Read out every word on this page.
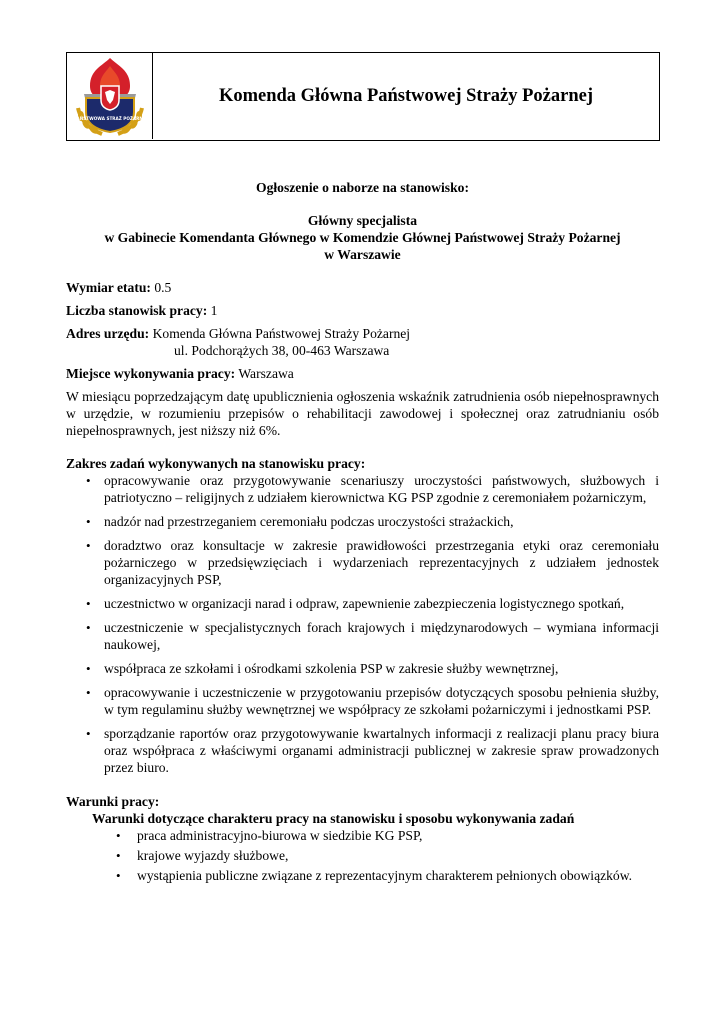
PAŃSTWOWA STRAŻ POŻARNA
Komenda Główna Państwowej Straży Pożarnej

Ogłoszenie o naborze na stanowisko:

Główny specjalista

w Gabinecie Komendanta Głównego w Komendzie Głównej Państwowej Straży Pożarnej

w Warszawie

Wymiar etatu: 0.5

Liczba stanowisk pracy: 1

Adres urzędu: Komenda Główna Państwowej Straży Pożarnej

ul. Podchorążych 38, 00-463 Warszawa

Miejsce wykonywania pracy: Warszawa

W miesiącu poprzedzającym datę upublicznienia ogłoszenia wskaźnik zatrudnienia osób niepełnosprawnych w urzędzie, w rozumieniu przepisów o rehabilitacji zawodowej i społecznej oraz zatrudnianiu osób niepełnosprawnych, jest niższy niż 6%.

Zakres zadań wykonywanych na stanowisku pracy:

• opracowywanie oraz przygotowywanie scenariuszy uroczystości państwowych, służbowych i patriotyczno – religijnych z udziałem kierownictwa KG PSP zgodnie z ceremoniałem pożarniczym,
• nadzór nad przestrzeganiem ceremoniału podczas uroczystości strażackich,
• doradztwo oraz konsultacje w zakresie prawidłowości przestrzegania etyki oraz ceremoniału pożarniczego w przedsięwzięciach i wydarzeniach reprezentacyjnych z udziałem jednostek organizacyjnych PSP,
• uczestnictwo w organizacji narad i odpraw, zapewnienie zabezpieczenia logistycznego spotkań,
• uczestniczenie w specjalistycznych forach krajowych i międzynarodowych – wymiana informacji naukowej,
• współpraca ze szkołami i ośrodkami szkolenia PSP w zakresie służby wewnętrznej,
• opracowywanie i uczestniczenie w przygotowaniu przepisów dotyczących sposobu pełnienia służby, w tym regulaminu służby wewnętrznej we współpracy ze szkołami pożarniczymi i jednostkami PSP.
• sporządzanie raportów oraz przygotowywanie kwartalnych informacji z realizacji planu pracy biura oraz współpraca z właściwymi organami administracji publicznej w zakresie spraw prowadzonych przez biuro.

Warunki pracy:

Warunki dotyczące charakteru pracy na stanowisku i sposobu wykonywania zadań

• praca administracyjno-biurowa w siedzibie KG PSP,
• krajowe wyjazdy służbowe,
• wystąpienia publiczne związane z reprezentacyjnym charakterem pełnionych obowiązków.
